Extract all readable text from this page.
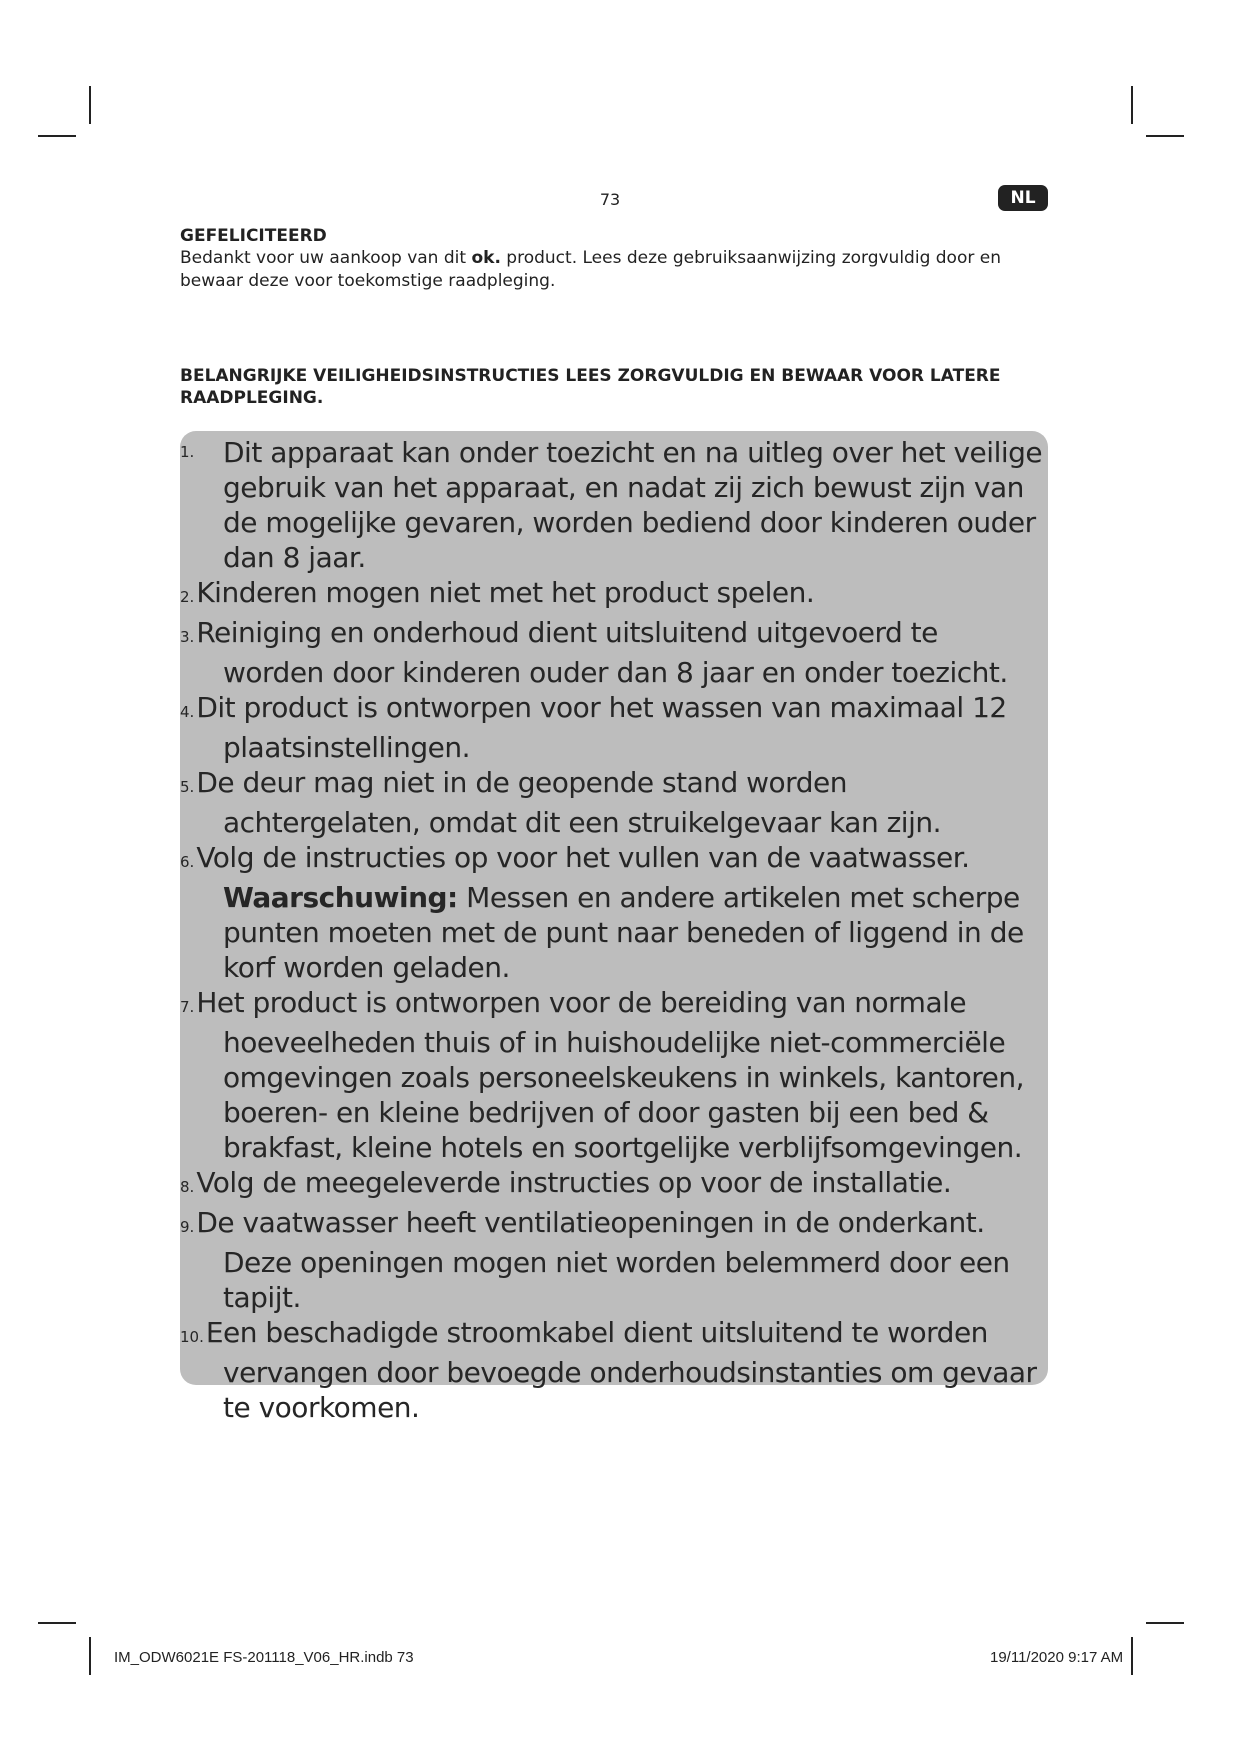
73	NL
GEFELICITEERD
Bedankt voor uw aankoop van dit ok. product. Lees deze gebruiksaanwijzing zorgvuldig door en bewaar deze voor toekomstige raadpleging.
BELANGRIJKE VEILIGHEIDSINSTRUCTIES LEES ZORGVULDIG EN BEWAAR VOOR LATERE RAADPLEGING.
1. Dit apparaat kan onder toezicht en na uitleg over het veilige gebruik van het apparaat, en nadat zij zich bewust zijn van de mogelijke gevaren, worden bediend door kinderen ouder dan 8 jaar.
2.Kinderen mogen niet met het product spelen.
3.Reiniging en onderhoud dient uitsluitend uitgevoerd te
worden door kinderen ouder dan 8 jaar en onder toezicht.
4.Dit product is ontworpen voor het wassen van maximaal 12
plaatsinstellingen.
5.De deur mag niet in de geopende stand worden
achtergelaten, omdat dit een struikelgevaar kan zijn.
6.Volg de instructies op voor het vullen van de vaatwasser.
Waarschuwing: Messen en andere artikelen met scherpe punten moeten met de punt naar beneden of liggend in de korf worden geladen.
7.Het product is ontworpen voor de bereiding van normale
hoeveelheden thuis of in huishoudelijke niet-commerciële omgevingen zoals personeelskeukens in winkels, kantoren, boeren- en kleine bedrijven of door gasten bij een bed & brakfast, kleine hotels en soortgelijke verblijfsomgevingen.
8.Volg de meegeleverde instructies op voor de installatie.
9.De vaatwasser heeft ventilatieopeningen in de onderkant.
Deze openingen mogen niet worden belemmerd door een tapijt.
10.Een beschadigde stroomkabel dient uitsluitend te worden
vervangen door bevoegde onderhoudsinstanties om gevaar te voorkomen.
IM_ODW6021E FS-201118_V06_HR.indb 73	19/11/2020 9:17 AM
